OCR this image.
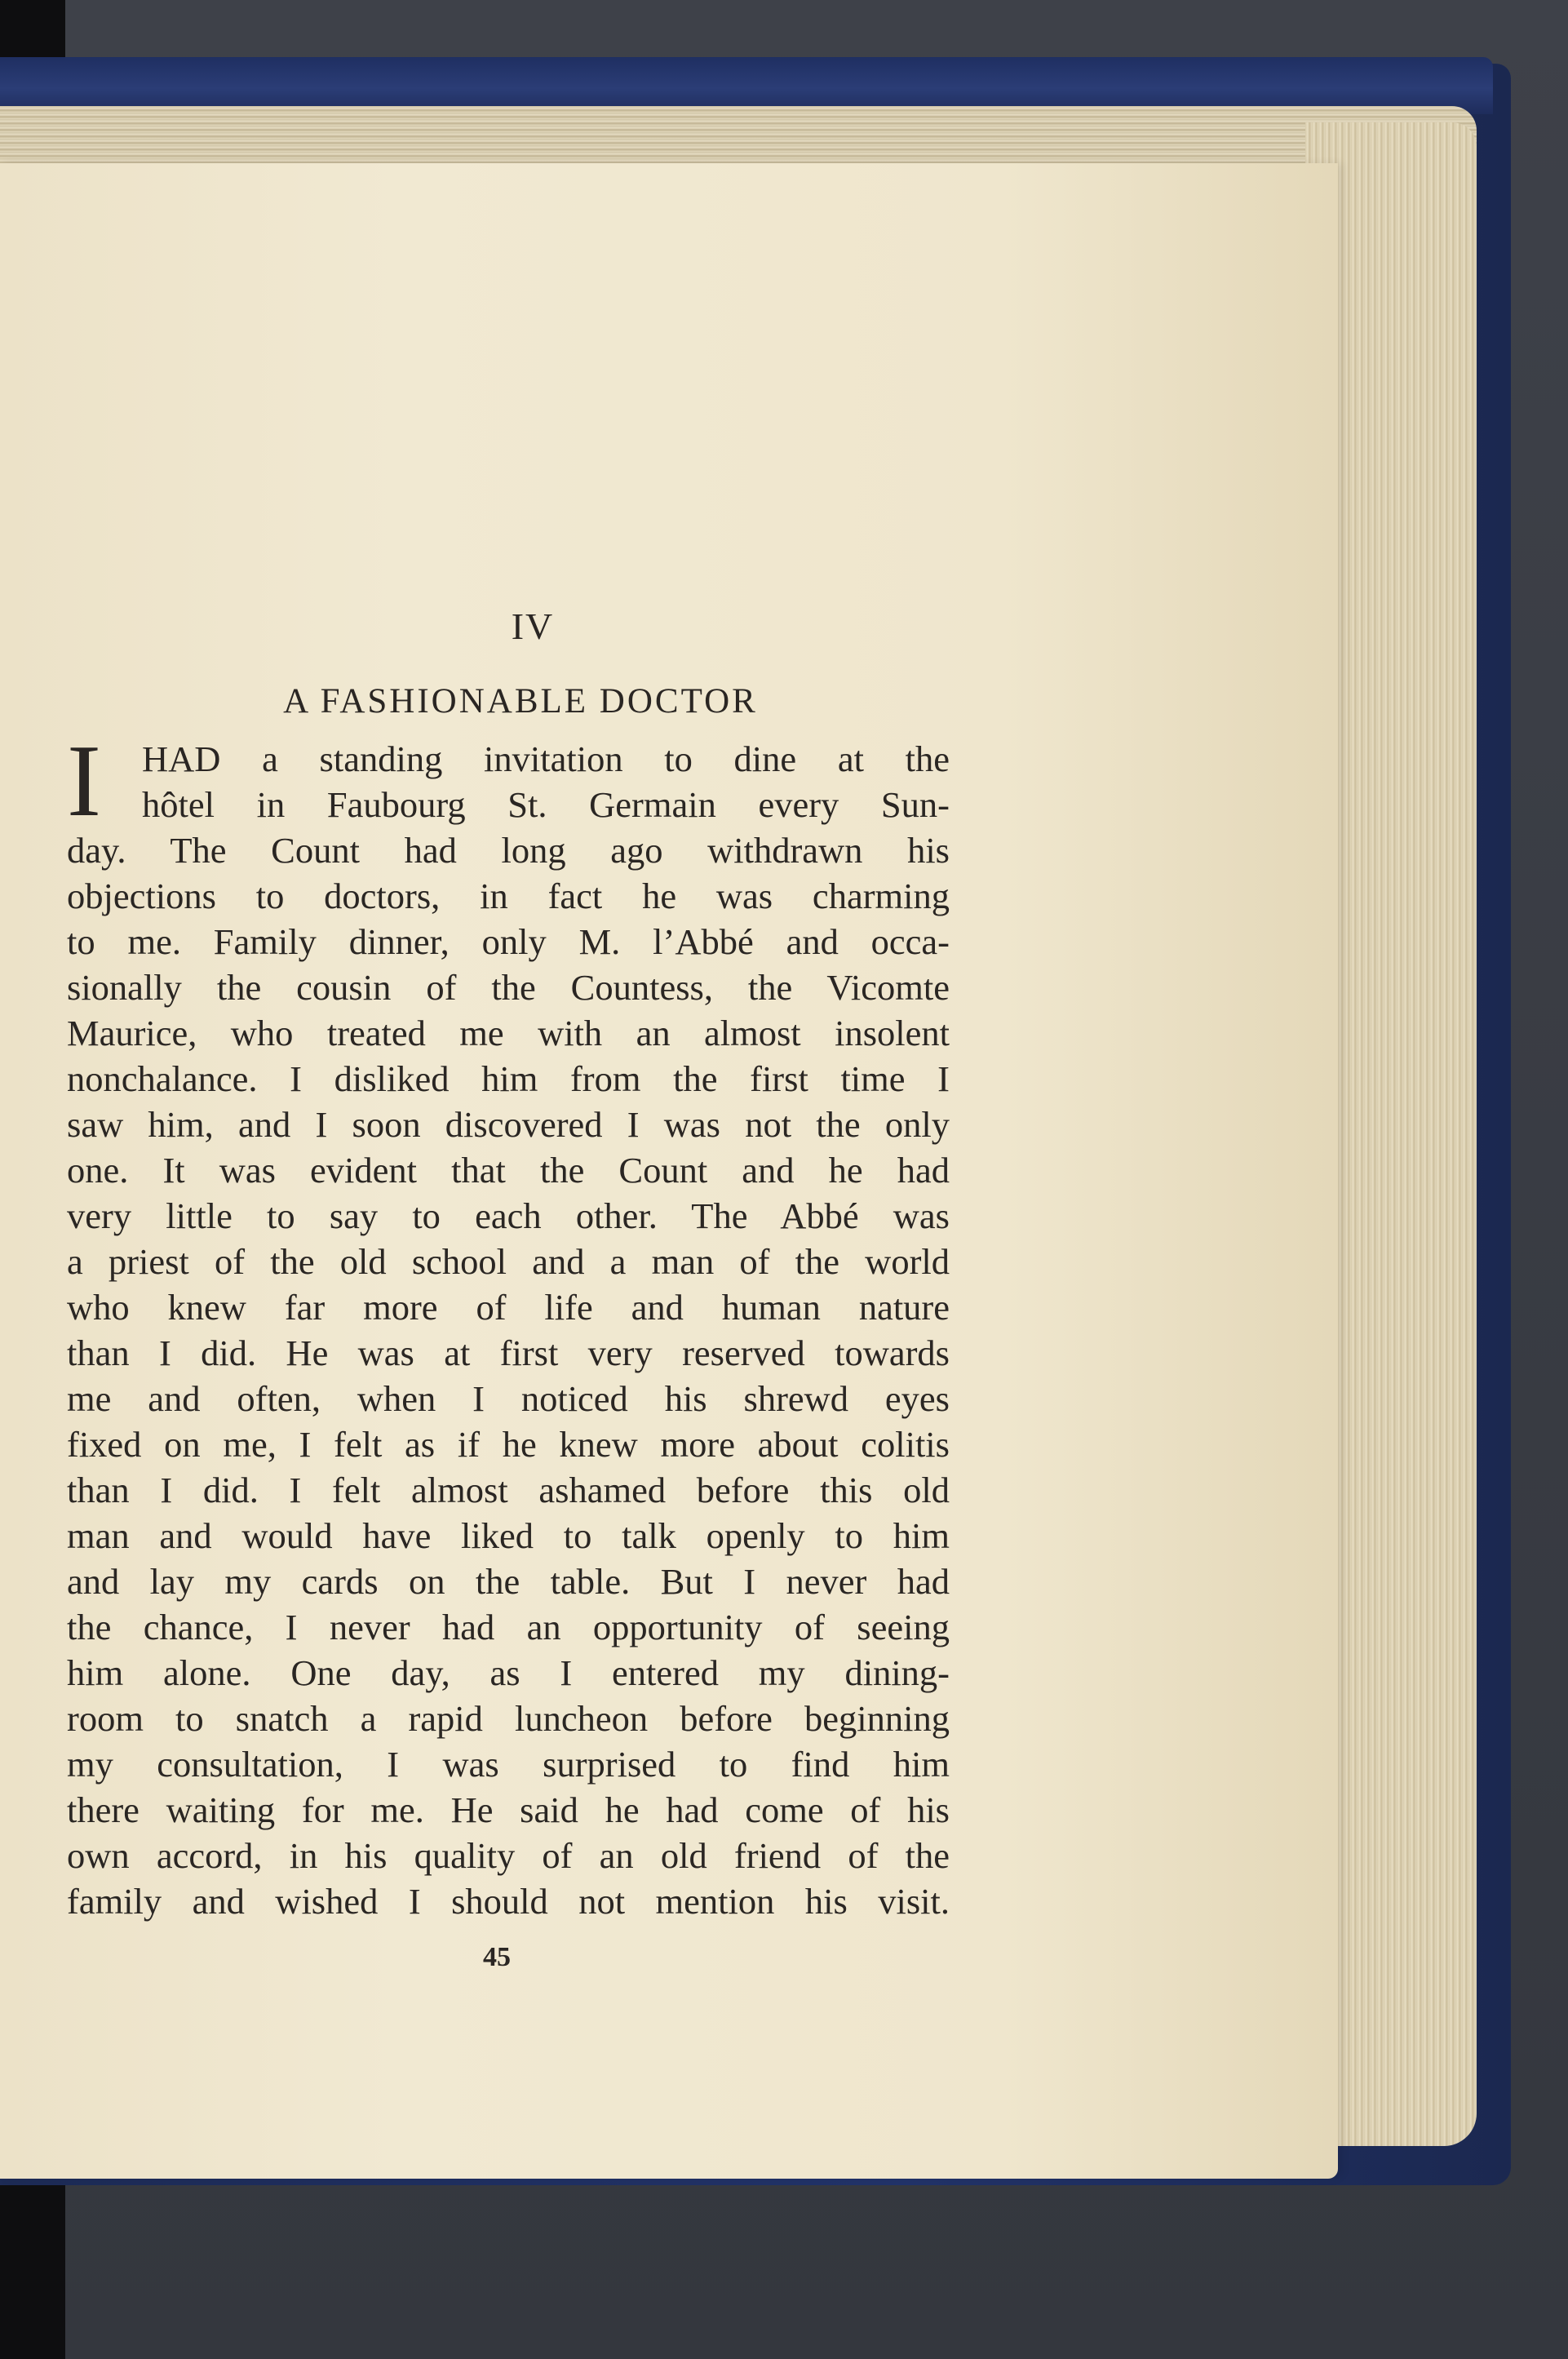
IV
A FASHIONABLE DOCTOR
I	HAD a standing invitation to dine at the
hôtel in Faubourg St. Germain every Sun-
day. The Count had long ago withdrawn his
objections to doctors, in fact he was charming
to me. Family dinner, only M. l’Abbé and occa-
sionally the cousin of the Countess, the Vicomte
Maurice, who treated me with an almost insolent
nonchalance. I disliked him from the first time I
saw him, and I soon discovered I was not the only
one. It was evident that the Count and he had
very little to say to each other. The Abbé was
a priest of the old school and a man of the world
who knew far more of life and human nature
than I did. He was at first very reserved towards
me and often, when I noticed his shrewd eyes
fixed on me, I felt as if he knew more about colitis
than I did. I felt almost ashamed before this old
man and would have liked to talk openly to him
and lay my cards on the table. But I never had
the chance, I never had an opportunity of seeing
him alone. One day, as I entered my dining-
room to snatch a rapid luncheon before beginning
my consultation, I was surprised to find him
there waiting for me. He said he had come of his
own accord, in his quality of an old friend of the
family and wished I should not mention his visit.
45
